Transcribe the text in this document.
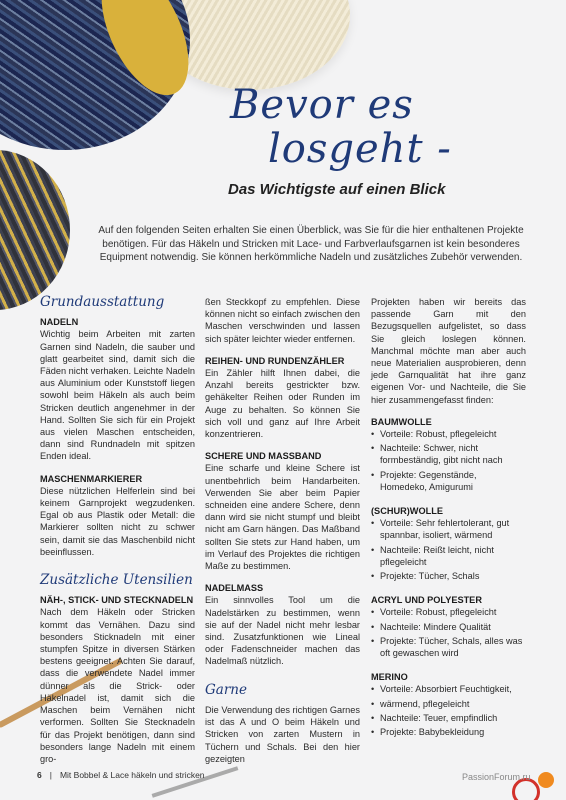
Bevor es
losgeht -
Das Wichtigste auf einen Blick
Auf den folgenden Seiten erhalten Sie einen Überblick, was Sie für die hier enthaltenen Projekte benötigen. Für das Häkeln und Stricken mit Lace- und Farbverlaufsgarnen ist kein besonderes Equipment notwendig. Sie können herkömmliche Nadeln und zusätzliches Zubehör verwenden.
Grundausstattung

NADELN

Wichtig beim Arbeiten mit zarten Garnen sind Nadeln, die sauber und glatt gearbeitet sind, damit sich die Fäden nicht verhaken. Leichte Nadeln aus Aluminium oder Kunststoff liegen sowohl beim Häkeln als auch beim Stricken deutlich angenehmer in der Hand. Sollten Sie sich für ein Projekt aus vielen Maschen entscheiden, dann sind Rundnadeln mit spitzen Enden ideal.

MASCHENMARKIERER

Diese nützlichen Helferlein sind bei keinem Garnprojekt wegzudenken. Egal ob aus Plastik oder Metall: die Markierer sollten nicht zu schwer sein, damit sie das Maschenbild nicht beeinflussen.

Zusätzliche Utensilien

NÄH-, STICK- UND STECKNADELN

Nach dem Häkeln oder Stricken kommt das Vernähen. Dazu sind besonders Sticknadeln mit einer stumpfen Spitze in diversen Stärken bestens geeignet. Achten Sie darauf, dass die verwendete Nadel immer dünner als die Strick- oder Häkelnadel ist, damit sich die Maschen beim Vernähen nicht verformen. Sollten Sie Stecknadeln für das Projekt benötigen, dann sind besonders lange Nadeln mit einem gro-

ßen Steckkopf zu empfehlen. Diese können nicht so einfach zwischen den Maschen verschwinden und lassen sich später leichter wieder entfernen.

REIHEN- UND RUNDENZÄHLER

Ein Zähler hilft Ihnen dabei, die Anzahl bereits gestrickter bzw. gehäkelter Reihen oder Runden im Auge zu behalten. So können Sie sich voll und ganz auf Ihre Arbeit konzentrieren.

SCHERE UND MASSBAND

Eine scharfe und kleine Schere ist unentbehrlich beim Handarbeiten. Verwenden Sie aber beim Papier schneiden eine andere Schere, denn dann wird sie nicht stumpf und bleibt nicht am Garn hängen. Das Maßband sollten Sie stets zur Hand haben, um im Verlauf des Projektes die richtigen Maße zu bestimmen.

NADELMASS

Ein sinnvolles Tool um die Nadelstärken zu bestimmen, wenn sie auf der Nadel nicht mehr lesbar sind. Zusatzfunktionen wie Lineal oder Fadenschneider machen das Nadelmaß nützlich.

Garne

Die Verwendung des richtigen Garnes ist das A und O beim Häkeln und Stricken von zarten Mustern in Tüchern und Schals. Bei den hier gezeigten

Projekten haben wir bereits das passende Garn mit den Bezugsquellen aufgelistet, so dass Sie gleich loslegen können. Manchmal möchte man aber auch neue Materialien ausprobieren, denn jede Garnqualität hat ihre ganz eigenen Vor- und Nachteile, die Sie hier zusammengefasst finden:

BAUMWOLLE

• Vorteile: Robust, pflegeleicht
• Nachteile: Schwer, nicht formbeständig, gibt nicht nach
• Projekte: Gegenstände, Homedeko, Amigurumi

(SCHUR)WOLLE

• Vorteile: Sehr fehlertolerant, gut spannbar, isoliert, wärmend
• Nachteile: Reißt leicht, nicht pflegeleicht
• Projekte: Tücher, Schals

ACRYL UND POLYESTER

• Vorteile: Robust, pflegeleicht
• Nachteile: Mindere Qualität
• Projekte: Tücher, Schals, alles was oft gewaschen wird

MERINO

• Vorteile: Absorbiert Feuchtigkeit,
• wärmend, pflegeleicht
• Nachteile: Teuer, empfindlich
• Projekte: Babybekleidung
6 | Mit Bobbel & Lace häkeln und stricken	PassionForum.ru
